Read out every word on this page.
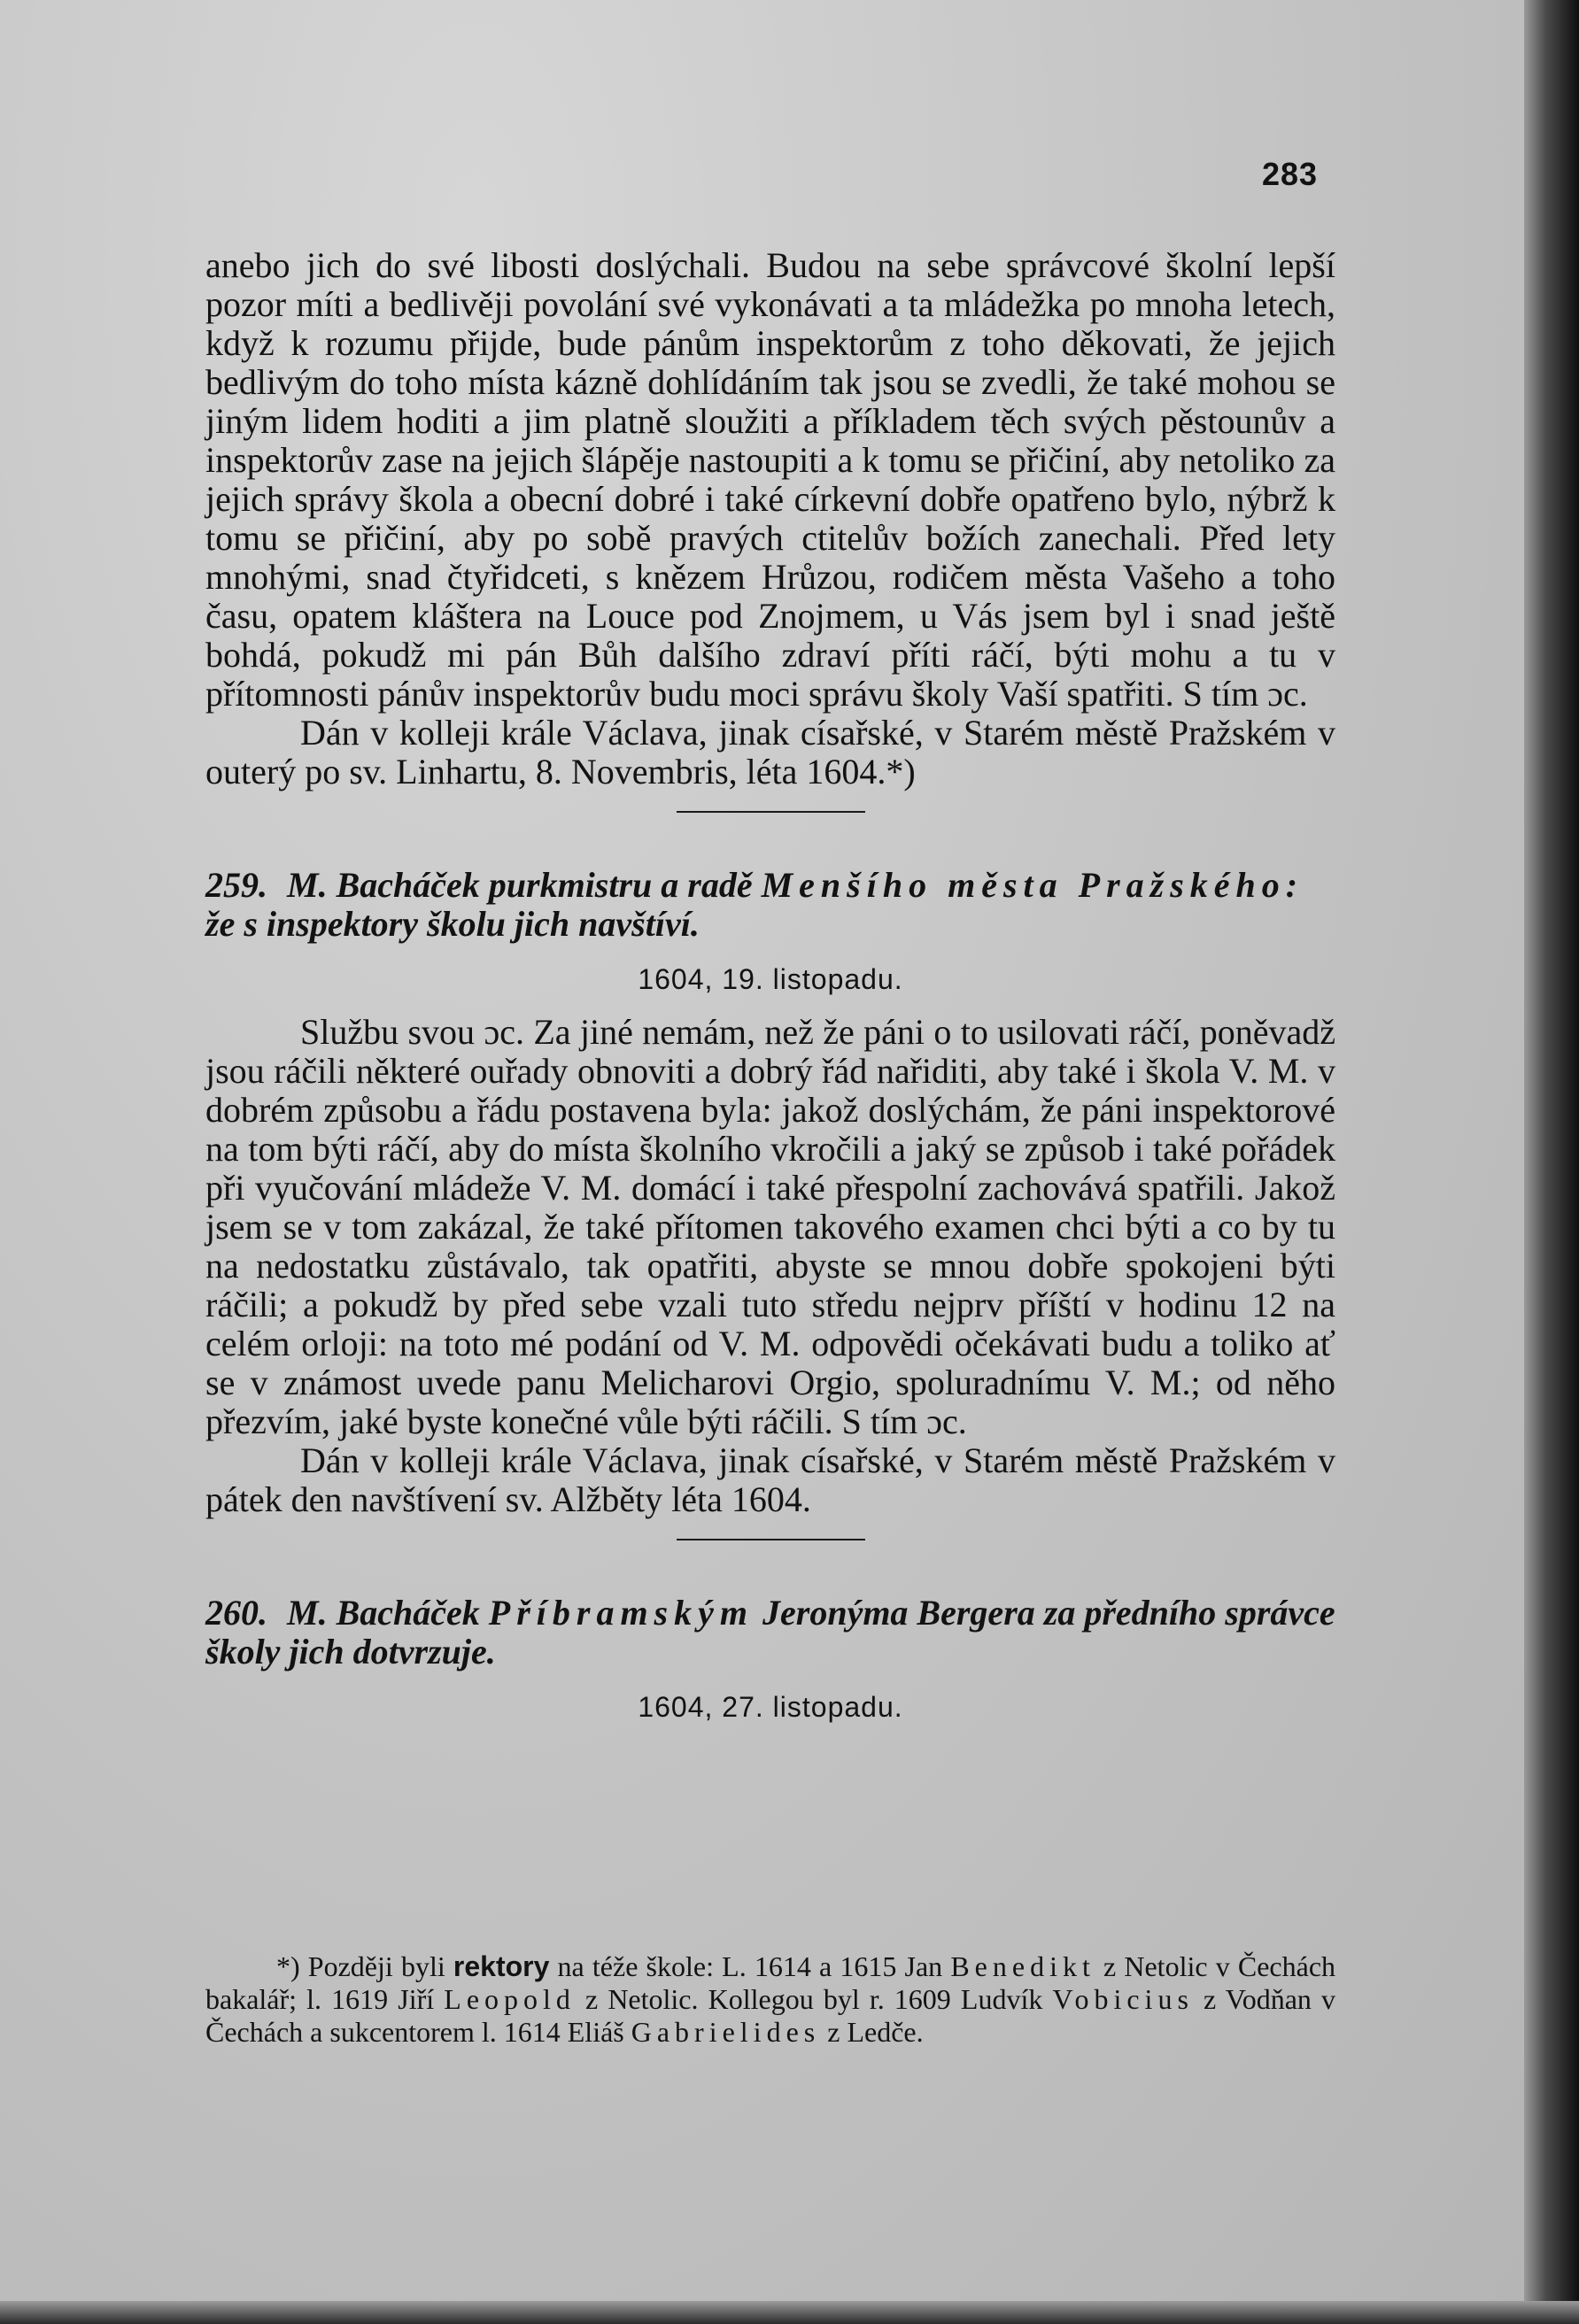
283

anebo jich do své libosti doslýchali. Budou na sebe správcové školní lepší pozor míti a bedlivěji povolání své vykonávati a ta mládežka po mnoha letech, když k rozumu přijde, bude pánům inspektorům z toho děkovati, že jejich bedlivým do toho místa kázně dohlídáním tak jsou se zvedli, že také mohou se jiným lidem hoditi a jim platně sloužiti a příkladem těch svých pěstounův a inspektorův zase na jejich šlápěje nastoupiti a k tomu se přičiní, aby netoliko za jejich správy škola a obecní dobré i také církevní dobře opatřeno bylo, nýbrž k tomu se přičiní, aby po sobě pravých ctitelův božích zanechali. Před lety mnohými, snad čtyřidceti, s knězem Hrůzou, rodičem města Vašeho a toho času, opatem kláštera na Louce pod Znojmem, u Vás jsem byl i snad ještě bohdá, pokudž mi pán Bůh dalšího zdraví příti ráčí, býti mohu a tu v přítomnosti pánův inspektorův budu moci správu školy Vaší spatřiti. S tím ɔc.

Dán v kolleji krále Václava, jinak císařské, v Starém městě Pražském v outerý po sv. Linhartu, 8. Novembris, léta 1604.*)

259. M. Bacháček purkmistru a radě Menšího města Pražského: že s inspektory školu jich navštíví.
1604, 19. listopadu.

Službu svou ɔc. Za jiné nemám, než že páni o to usilovati ráčí, poněvadž jsou ráčili některé ouřady obnoviti a dobrý řád nařiditi, aby také i škola V. M. v dobrém způsobu a řádu postavena byla: jakož doslýchám, že páni inspektorové na tom býti ráčí, aby do místa školního vkročili a jaký se způsob i také pořádek při vyučování mládeže V. M. domácí i také přespolní zachovává spatřili. Jakož jsem se v tom zakázal, že také přítomen takového examen chci býti a co by tu na nedostatku zůstávalo, tak opatřiti, abyste se mnou dobře spokojeni býti ráčili; a pokudž by před sebe vzali tuto středu nejprv příští v hodinu 12 na celém orloji: na toto mé podání od V. M. odpovědi očekávati budu a toliko ať se v známost uvede panu Melicharovi Orgio, spoluradnímu V. M.; od něho přezvím, jaké byste konečné vůle býti ráčili. S tím ɔc.

Dán v kolleji krále Václava, jinak císařské, v Starém městě Pražském v pátek den navštívení sv. Alžběty léta 1604.

260. M. Bacháček Příbramským Jeronýma Bergera za předního správce školy jich dotvrzuje.
1604, 27. listopadu.

*) Později byli rektory na téže škole: L. 1614 a 1615 Jan Benedikt z Netolic v Čechách bakalář; l. 1619 Jiří Leopold z Netolic. Kollegou byl r. 1609 Ludvík Vobicius z Vodňan v Čechách a sukcentorem l. 1614 Eliáš Gabrielides z Ledče.
